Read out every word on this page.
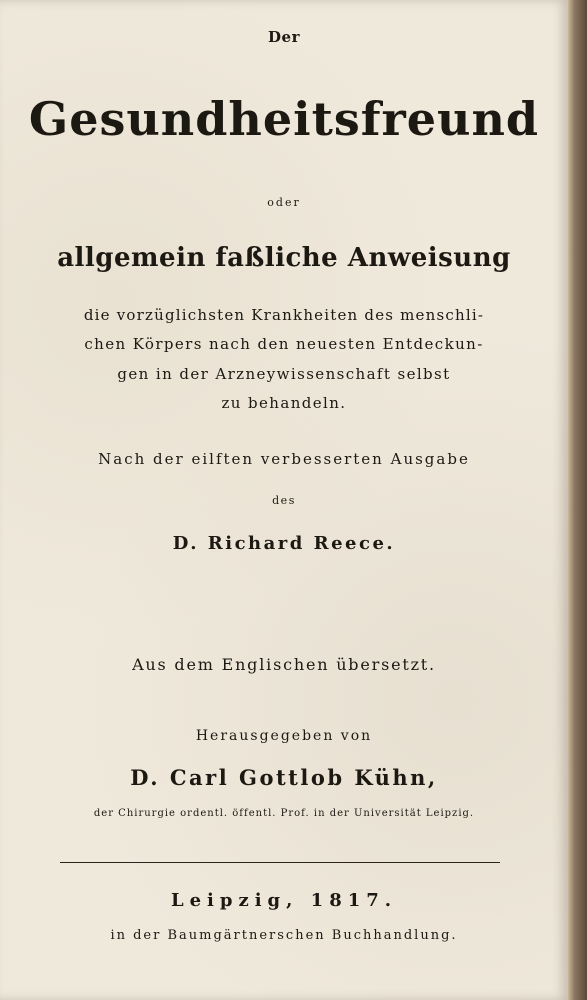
Der
Gesundheitsfreund
oder
allgemein faßliche Anweisung
die vorzüglichsten Krankheiten des menschli-
chen Körpers nach den neuesten Entdeckun-
gen in der Arzneywissenschaft selbst
zu behandeln.
Nach der eilften verbesserten Ausgabe
des
D. Richard Reece.
Aus dem Englischen übersetzt.
Herausgegeben von
D. Carl Gottlob Kühn,
der Chirurgie ordentl. öffentl. Prof. in der Universität Leipzig.
Leipzig, 1817.
in der Baumgärtnerschen Buchhandlung.
